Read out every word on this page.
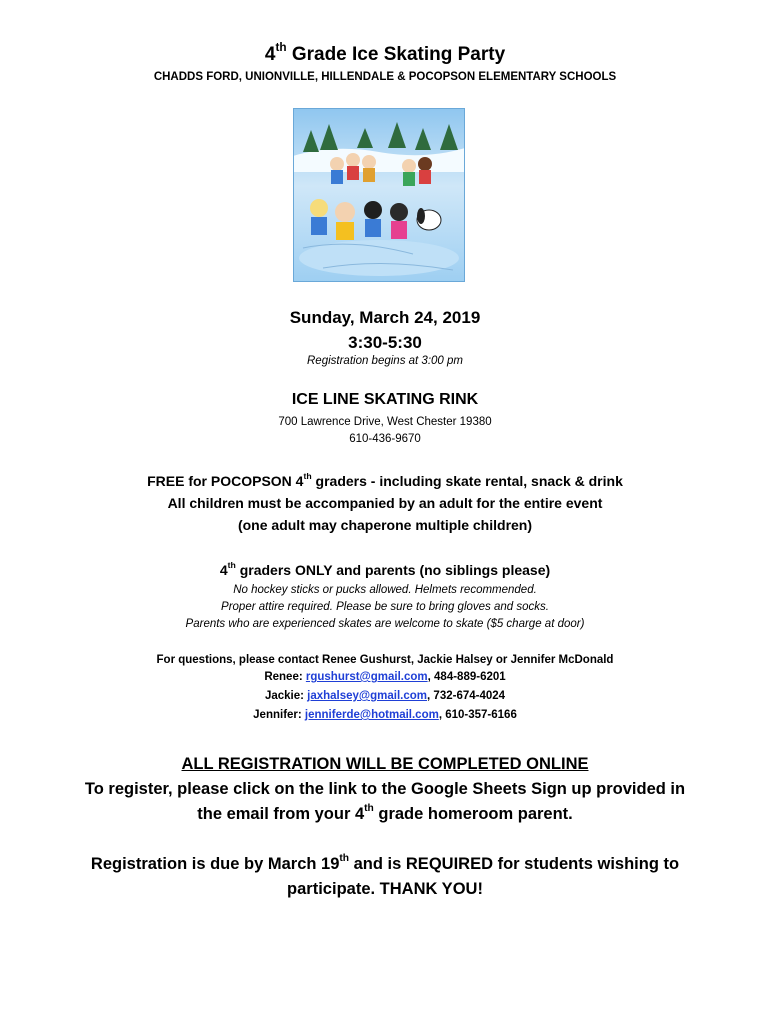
4th Grade Ice Skating Party
CHADDS FORD, UNIONVILLE, HILLENDALE & POCOPSON ELEMENTARY SCHOOLS
Sunday, March 24, 2019
3:30-5:30
Registration begins at 3:00 pm
ICE LINE SKATING RINK
700 Lawrence Drive, West Chester 19380
610-436-9670
FREE for POCOPSON 4th graders - including skate rental, snack & drink
All children must be accompanied by an adult for the entire event
(one adult may chaperone multiple children)
4th graders ONLY and parents (no siblings please)
No hockey sticks or pucks allowed. Helmets recommended.
Proper attire required. Please be sure to bring gloves and socks.
Parents who are experienced skates are welcome to skate ($5 charge at door)
For questions, please contact Renee Gushurst, Jackie Halsey or Jennifer McDonald
Renee: rgushurst@gmail.com, 484-889-6201
Jackie: jaxhalsey@gmail.com, 732-674-4024
Jennifer: jenniferde@hotmail.com, 610-357-6166
ALL REGISTRATION WILL BE COMPLETED ONLINE
To register, please click on the link to the Google Sheets Sign up provided in
the email from your 4th grade homeroom parent.
Registration is due by March 19th and is REQUIRED for students wishing to
participate. THANK YOU!
